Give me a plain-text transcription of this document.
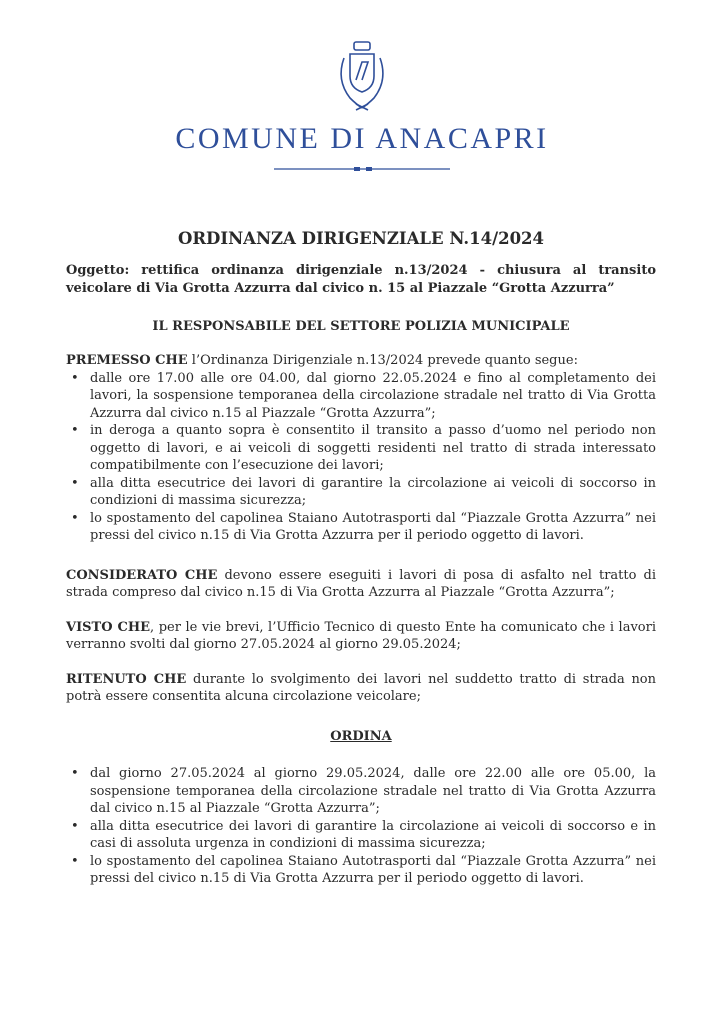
COMUNE DI ANACAPRI
ORDINANZA DIRIGENZIALE N.14/2024
Oggetto: rettifica ordinanza dirigenziale n.13/2024 - chiusura al transito veicolare di Via Grotta Azzurra dal civico n. 15 al Piazzale “Grotta Azzurra”
IL RESPONSABILE DEL SETTORE POLIZIA MUNICIPALE

PREMESSO CHE l’Ordinanza Dirigenziale n.13/2024 prevede quanto segue:

• dalle ore 17.00 alle ore 04.00, dal giorno 22.05.2024 e fino al completamento dei lavori, la sospensione temporanea della circolazione stradale nel tratto di Via Grotta Azzurra dal civico n.15 al Piazzale “Grotta Azzurra”;
• in deroga a quanto sopra è consentito il transito a passo d’uomo nel periodo non oggetto di lavori, e ai veicoli di soggetti residenti nel tratto di strada interessato compatibilmente con l’esecuzione dei lavori;
• alla ditta esecutrice dei lavori di garantire la circolazione ai veicoli di soccorso in condizioni di massima sicurezza;
• lo spostamento del capolinea Staiano Autotrasporti dal “Piazzale Grotta Azzurra” nei pressi del civico n.15 di Via Grotta Azzurra per il periodo oggetto di lavori.

CONSIDERATO CHE devono essere eseguiti i lavori di posa di asfalto nel tratto di strada compreso dal civico n.15 di Via Grotta Azzurra al Piazzale “Grotta Azzurra”;

VISTO CHE, per le vie brevi, l’Ufficio Tecnico di questo Ente ha comunicato che i lavori verranno svolti dal giorno 27.05.2024 al giorno 29.05.2024;

RITENUTO CHE durante lo svolgimento dei lavori nel suddetto tratto di strada non potrà essere consentita alcuna circolazione veicolare;

ORDINA
• dal giorno 27.05.2024 al giorno 29.05.2024, dalle ore 22.00 alle ore 05.00, la sospensione temporanea della circolazione stradale nel tratto di Via Grotta Azzurra dal civico n.15 al Piazzale “Grotta Azzurra”;
• alla ditta esecutrice dei lavori di garantire la circolazione ai veicoli di soccorso e in casi di assoluta urgenza in condizioni di massima sicurezza;
• lo spostamento del capolinea Staiano Autotrasporti dal “Piazzale Grotta Azzurra” nei pressi del civico n.15 di Via Grotta Azzurra per il periodo oggetto di lavori.
